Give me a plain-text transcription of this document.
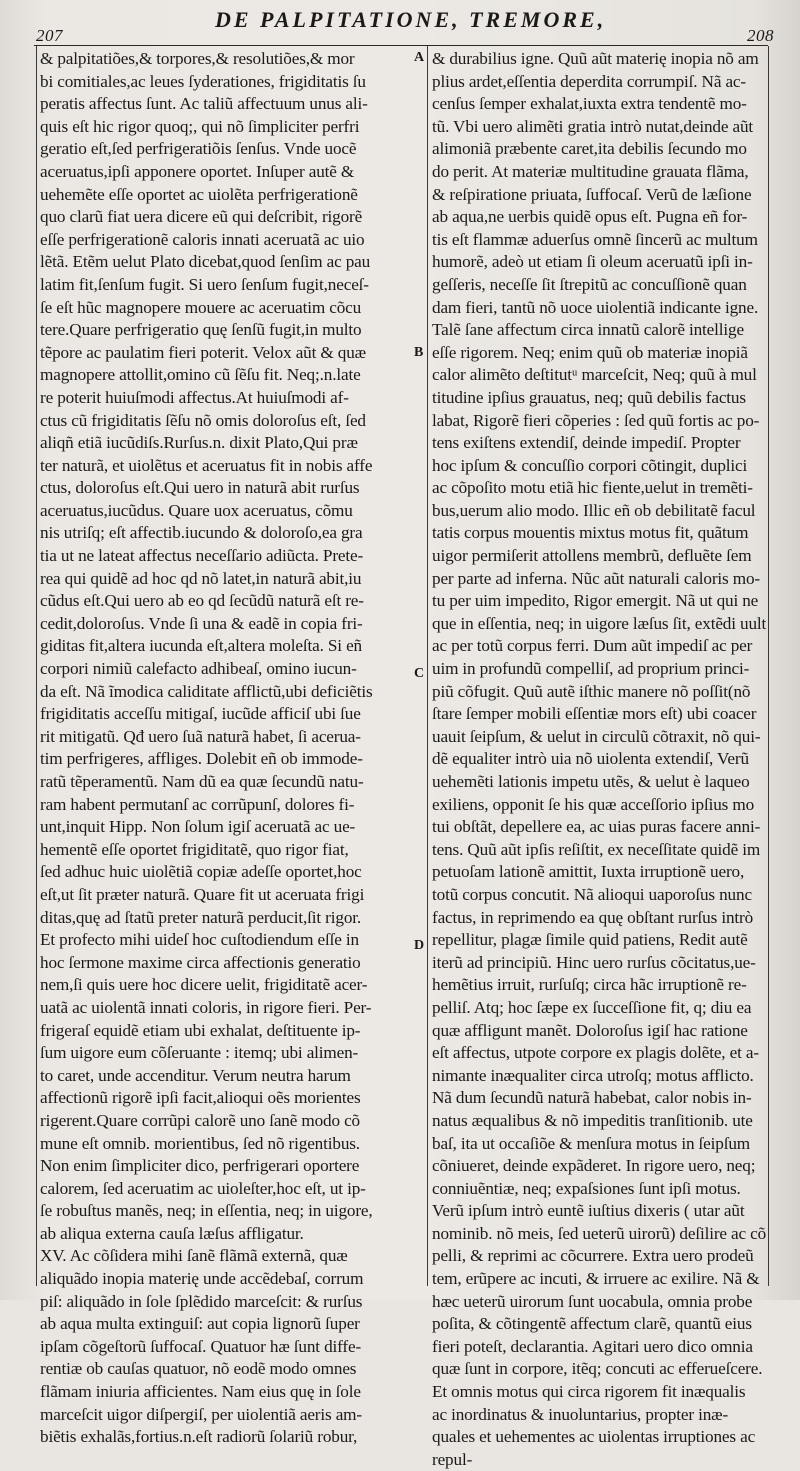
207
DE PALPITATIONE, TREMORE,
208
A
B
C
D
& palpitatiões,& torpores,& resolutiões,& mor
bi comitiales,ac leues ſyderationes, frigiditatis ſu
peratis affectus ſunt. Ac taliũ affectuum unus ali-
quis eſt hic rigor quoq;, qui nõ ſimpliciter perfri
geratio eſt,ſed perfrigeratiõis ſenſus. Vnde uocẽ
aceruatus,ipſi apponere oportet. Inſuper autẽ &
uehemẽte eſſe oportet ac uiolẽta perfrigerationẽ
quo clarũ fiat uera dicere eũ qui deſcribit, rigorẽ
eſſe perfrigerationẽ caloris innati aceruatã ac uio
lẽtã. Etẽm uelut Plato dicebat,quod ſenſim ac pau
latim fit,ſenſum fugit. Si uero ſenſum fugit,neceſ-
ſe eſt hũc magnopere mouere ac aceruatim cõcu
tere.Quare perfrigeratio quę ſenſũ fugit,in multo
tẽpore ac paulatim fieri poterit. Velox aũt & quæ
magnopere attollit,omino cũ ſẽſu fit. Neq;.n.late
re poterit huiuſmodi affectus.At huiuſmodi af-
ctus cũ frigiditatis ſẽſu nõ omis doloroſus eſt, ſed
aliqñ etiã iucũdiſs.Rurſus.n. dixit Plato,Qui præ
ter naturã, et uiolẽtus et aceruatus fit in nobis affe
ctus, doloroſus eſt.Qui uero in naturã abit rurſus
aceruatus,iucũdus. Quare uox aceruatus, cõmu
nis utriſq; eſt affectib.iucundo & doloroſo,ea gra
tia ut ne lateat affectus neceſſario adiũcta. Prete-
rea qui quidẽ ad hoc qd nõ latet,in naturã abit,iu
cũdus eſt.Qui uero ab eo qd ſecũdũ naturã eſt re-
cedit,doloroſus. Vnde ſi una & eadẽ in copia fri-
giditas fit,altera iucunda eſt,altera moleſta. Si eñ
corpori nimiũ calefacto adhibeaſ, omino iucun-
da eſt. Nã ĩmodica caliditate afflictũ,ubi deficiẽtis
frigiditatis acceſſu mitigaſ, iucũde afficiſ ubi ſue
rit mitigatũ. Qđ uero ſuã naturã habet, ſi acerua-
tim perfrigeres, affliges. Dolebit eñ ob immode-
ratũ tẽperamentũ. Nam dũ ea quæ ſecundũ natu-
ram habent permutanſ ac corrũpunſ, dolores fi-
unt,inquit Hipp. Non ſolum igiſ aceruatã ac ue-
hementẽ eſſe oportet frigiditatẽ, quo rigor fiat,
ſed adhuc huic uiolẽtiã copiæ adeſſe oportet,hoc
eſt,ut ſit præter naturã. Quare fit ut aceruata frigi
ditas,quę ad ſtatũ preter naturã perducit,ſit rigor.
Et profecto mihi uideſ hoc cuſtodiendum eſſe in
hoc ſermone maxime circa affectionis generatio
nem,ſi quis uere hoc dicere uelit, frigiditatẽ acer-
uatã ac uiolentã innati coloris, in rigore fieri. Per-
frigeraſ equidẽ etiam ubi exhalat, deſtituente ip-
ſum uigore eum cõſeruante : itemq; ubi alimen-
to caret, unde accenditur. Verum neutra harum
affectionũ rigorẽ ipſi facit,alioqui oẽs morientes
rigerent.Quare corrũpi calorẽ uno ſanẽ modo cõ
mune eſt omnib. morientibus, ſed nõ rigentibus.
Non enim ſimpliciter dico, perfrigerari oportere
calorem, ſed aceruatim ac uioleſter,hoc eſt, ut ip-
ſe robuſtus manẽs, neq; in eſſentia, neq; in uigore,
ab aliqua externa cauſa læſus affligatur.
XV. Ac cõſidera mihi ſanẽ flãmã externã, quæ
aliquãdo inopia materię unde accẽdebaſ, corrum
piſ: aliquãdo in ſole ſplẽdido marceſcit: & rurſus
ab aqua multa extinguiſ: aut copia lignorũ ſuper
ipſam cõgeſtorũ ſuffocaſ. Quatuor hæ ſunt diffe-
rentiæ ob cauſas quatuor, nõ eodẽ modo omnes
flãmam iniuria afficientes. Nam eius quę in ſole
marceſcit uigor diſpergiſ, per uiolentiã aeris am-
biẽtis exhalãs,fortius.n.eſt radiorũ ſolariũ robur,
& durabilius igne. Quũ aũt materię inopia nõ am
plius ardet,eſſentia deperdita corrumpiſ. Nã ac-
cenſus ſemper exhalat,iuxta extra tendentẽ mo-
tũ. Vbi uero alimẽti gratia intrò nutat,deinde aũt
alimoniã præbente caret,ita debilis ſecundo mo
do perit. At materiæ multitudine grauata flãma,
& reſpiratione priuata, ſuffocaſ. Verũ de læſione
ab aqua,ne uerbis quidẽ opus eſt. Pugna eñ for-
tis eſt flammæ aduerſus omnẽ ſincerũ ac multum
humorẽ, adeò ut etiam ſi oleum aceruatũ ipſi in-
geſſeris, neceſſe ſit ſtrepitũ ac concuſſionẽ quan
dam fieri, tantũ nõ uoce uiolentiã indicante igne.
Talẽ ſane affectum circa innatũ calorẽ intellige
eſſe rigorem. Neq; enim quũ ob materiæ inopiã
calor alimẽto deſtitutᵘ marceſcit, Neq; quũ à mul
titudine ipſius grauatus, neq; quũ debilis factus
labat, Rigorẽ fieri cõperies : ſed quũ fortis ac po-
tens exiſtens extendiſ, deinde impediſ. Propter
hoc ipſum & concuſſio corpori cõtingit, duplici
ac cõpoſito motu etiã hic fiente,uelut in tremẽti-
bus,uerum alio modo. Illic eñ ob debilitatẽ facul
tatis corpus mouentis mixtus motus fit, quãtum
uigor permiſerit attollens membrũ, defluẽte ſem
per parte ad inferna. Nũc aũt naturali caloris mo-
tu per uim impedito, Rigor emergit. Nã ut qui ne
que in eſſentia, neq; in uigore læſus ſit, extẽdi uult
ac per totũ corpus ferri. Dum aũt impediſ ac per
uim in profundũ compelliſ, ad proprium princi-
piũ cõfugit. Quũ autẽ iſthic manere nõ poſſit(nõ
ſtare ſemper mobili eſſentiæ mors eſt) ubi coacer
uauit ſeipſum, & uelut in circulũ cõtraxit, nõ qui-
dẽ equaliter intrò uia nõ uiolenta extendiſ, Verũ
uehemẽti lationis impetu utẽs, & uelut è laqueo
exiliens, opponit ſe his quæ acceſſorio ipſius mo
tui obſtãt, depellere ea, ac uias puras facere anni-
tens. Quũ aũt ipſis reſiſtit, ex neceſſitate quidẽ im
petuoſam lationẽ amittit, Iuxta irruptionẽ uero,
totũ corpus concutit. Nã alioqui uaporoſus nunc
factus, in reprimendo ea quę obſtant rurſus intrò
repellitur, plagæ ſimile quid patiens, Redit autẽ
iterũ ad principiũ. Hinc uero rurſus cõcitatus,ue-
hemẽtius irruit, rurſuſq; circa hãc irruptionẽ re-
pelliſ. Atq; hoc ſæpe ex ſucceſſione fit, q; diu ea
quæ affligunt manẽt. Doloroſus igiſ hac ratione
eſt affectus, utpote corpore ex plagis dolẽte, et a-
nimante inæqualiter circa utroſq; motus afflicto.
Nã dum ſecundũ naturã habebat, calor nobis in-
natus æqualibus & nõ impeditis tranſitionib. ute
baſ, ita ut occaſiõe & menſura motus in ſeipſum
cõniueret, deinde expãderet. In rigore uero, neq;
conniuẽntiæ, neq; expaſsiones ſunt ipſi motus.
Verũ ipſum intrò euntẽ iuſtius dixeris ( utar aũt
nominib. nõ meis, ſed ueterũ uirorũ) deſilire ac cõ
pelli, & reprimi ac cõcurrere. Extra uero prodeũ
tem, erũpere ac incuti, & irruere ac exilire. Nã &
hæc ueterũ uirorum ſunt uocabula, omnia probe
poſita, & cõtingentẽ affectum clarẽ, quantũ eius
fieri poteſt, declarantia. Agitari uero dico omnia
quæ ſunt in corpore, itẽq; concuti ac efferueſcere.
Et omnis motus qui circa rigorem fit inæqualis
ac inordinatus & inuoluntarius, propter inæ-
quales et uehementes ac uiolentas irruptiones ac
repul-
